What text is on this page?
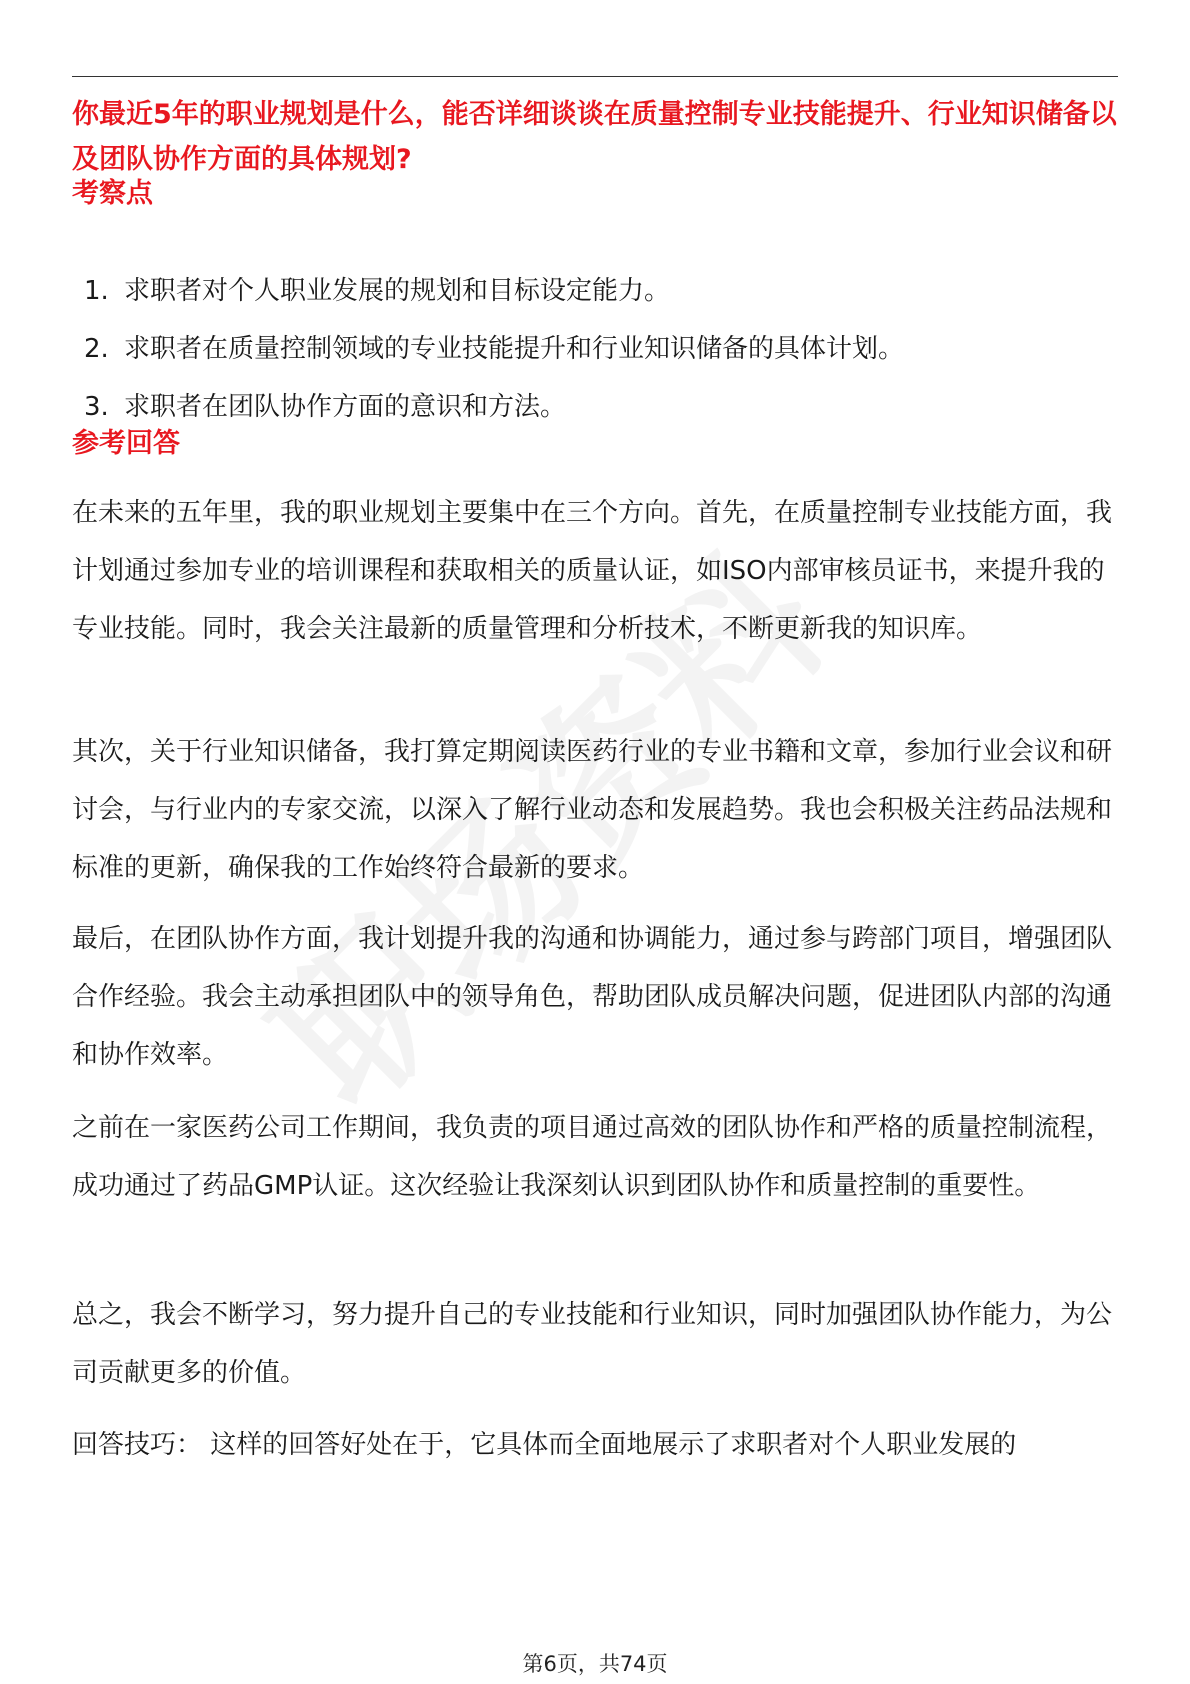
你最近5年的职业规划是什么，能否详细谈谈在质量控制专业技能提升、行业知识储备以及团队协作方面的具体规划?

考察点

1. 求职者对个人职业发展的规划和目标设定能力。
2. 求职者在质量控制领域的专业技能提升和行业知识储备的具体计划。
3. 求职者在团队协作方面的意识和方法。

参考回答

在未来的五年里，我的职业规划主要集中在三个方向。首先，在质量控制专业技能方面，我计划通过参加专业的培训课程和获取相关的质量认证，如ISO内部审核员证书，来提升我的专业技能。同时，我会关注最新的质量管理和分析技术，不断更新我的知识库。

其次，关于行业知识储备，我打算定期阅读医药行业的专业书籍和文章，参加行业会议和研讨会，与行业内的专家交流，以深入了解行业动态和发展趋势。我也会积极关注药品法规和标准的更新，确保我的工作始终符合最新的要求。

最后，在团队协作方面，我计划提升我的沟通和协调能力，通过参与跨部门项目，增强团队合作经验。我会主动承担团队中的领导角色，帮助团队成员解决问题，促进团队内部的沟通和协作效率。

之前在一家医药公司工作期间，我负责的项目通过高效的团队协作和严格的质量控制流程，成功通过了药品GMP认证。这次经验让我深刻认识到团队协作和质量控制的重要性。

总之，我会不断学习，努力提升自己的专业技能和行业知识，同时加强团队协作能力，为公司贡献更多的价值。

回答技巧： 这样的回答好处在于，它具体而全面地展示了求职者对个人职业发展的

第6页，共74页
